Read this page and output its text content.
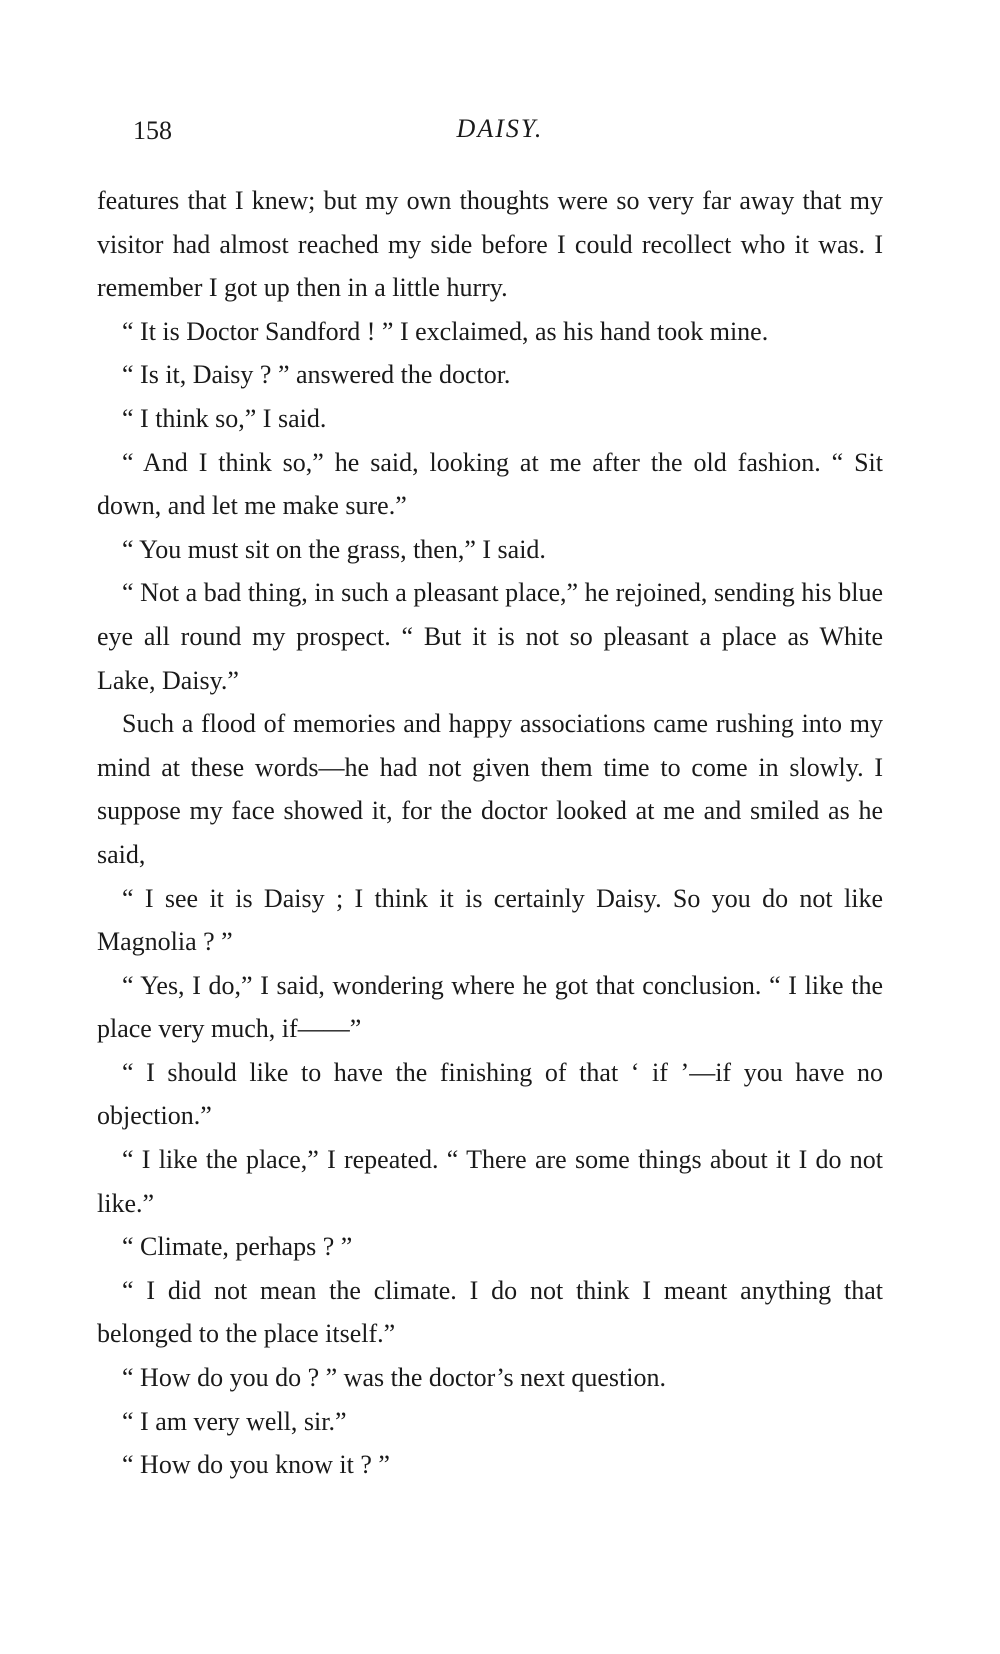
158	DAISY.

features that I knew; but my own thoughts were so very far away that my visitor had almost reached my side before I could recollect who it was. I remember I got up then in a little hurry.

“ It is Doctor Sandford ! ” I exclaimed, as his hand took mine.

“ Is it, Daisy ? ” answered the doctor.

“ I think so,” I said.

“ And I think so,” he said, looking at me after the old fashion. “ Sit down, and let me make sure.”

“ You must sit on the grass, then,” I said.

“ Not a bad thing, in such a pleasant place,” he rejoined, sending his blue eye all round my prospect. “ But it is not so pleasant a place as White Lake, Daisy.”

Such a flood of memories and happy associations came rushing into my mind at these words—he had not given them time to come in slowly. I suppose my face showed it, for the doctor looked at me and smiled as he said,

“ I see it is Daisy ; I think it is certainly Daisy. So you do not like Magnolia ? ”

“ Yes, I do,” I said, wondering where he got that conclusion. “ I like the place very much, if——”

“ I should like to have the finishing of that ‘ if ’—if you have no objection.”

“ I like the place,” I repeated. “ There are some things about it I do not like.”

“ Climate, perhaps ? ”

“ I did not mean the climate. I do not think I meant anything that belonged to the place itself.”

“ How do you do ? ” was the doctor’s next question.

“ I am very well, sir.”

“ How do you know it ? ”
